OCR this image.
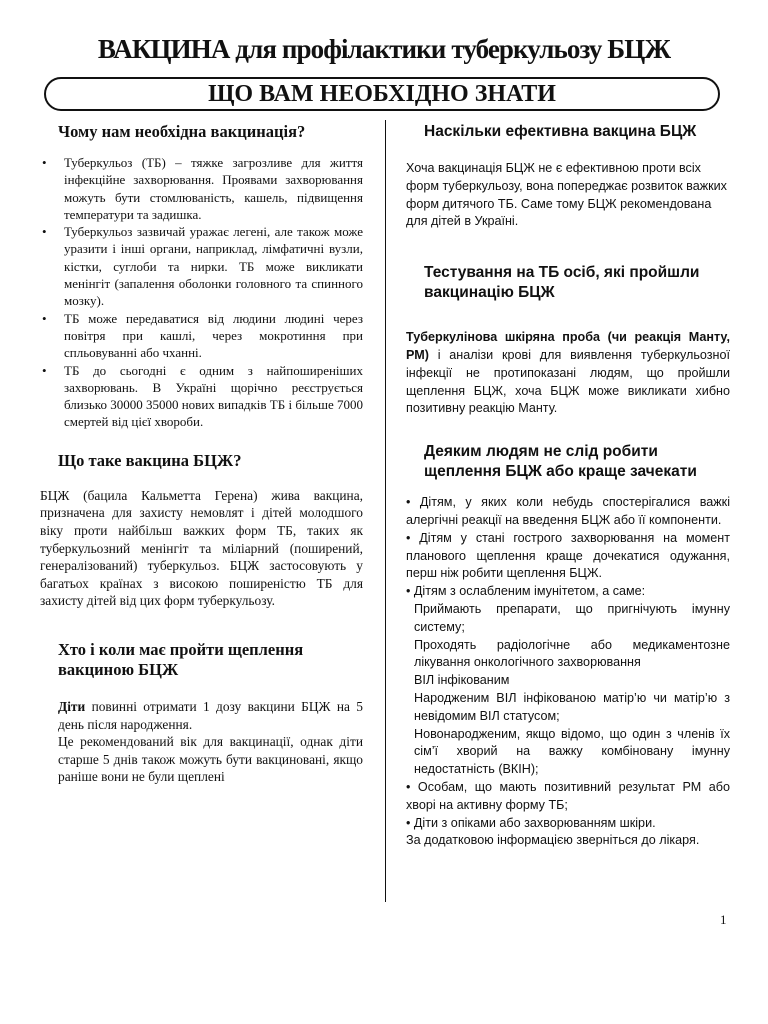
ВАКЦИНА для профілактики туберкульозу БЦЖ
ЩО ВАМ НЕОБХІДНО ЗНАТИ
Чому нам необхідна вакцинація?
• Туберкульоз (ТБ) – тяжке загрозливе для життя інфекційне захворювання. Проявами захворювання можуть бути стомлюваність, кашель, підвищення температури та задишка.
• Туберкульоз зазвичай уражає легені, але також може уразити і інші органи, наприклад, лімфатичні вузли, кістки, суглоби та нирки. ТБ може викликати менінгіт (запалення оболонки головного та спинного мозку).
• ТБ може передаватися від людини людині через повітря при кашлі, через мокротиння при спльовуванні або чханні.
• ТБ до сьогодні є одним з найпоширеніших захворювань. В Україні щорічно реєструється близько 30000 35000 нових випадків ТБ і більше 7000 смертей від цієї хвороби.
Що таке вакцина БЦЖ?

БЦЖ (бацила Кальметта Герена) жива вакцина, призначена для захисту немовлят і дітей молодшого віку проти найбільш важких форм ТБ, таких як туберкульозний менінгіт та міліарний (поширений, генералізований) туберкульоз. БЦЖ застосовують у багатьох країнах з високою поширеністю ТБ для захисту дітей від цих форм туберкульозу.

Хто і коли має пройти щеплення вакциною БЦЖ

Діти повинні отримати 1 дозу вакцини БЦЖ на 5 день після народження.

Це рекомендований вік для вакцинації, однак діти старше 5 днів також можуть бути вакциновані, якщо раніше вони не були щеплені

Наскільки ефективна вакцина БЦЖ

Хоча вакцинація БЦЖ не є ефективною проти всіх форм туберкульозу, вона попереджає розвиток важких форм дитячого ТБ. Саме тому БЦЖ рекомендована для дітей в Україні.

Тестування на ТБ осіб, які пройшли вакцинацію БЦЖ

Туберкулінова шкіряна проба (чи реакція Манту, РМ) і аналізи крові для виявлення туберкульозної інфекції не протипоказані людям, що пройшли щеплення БЦЖ, хоча БЦЖ може викликати хибно позитивну реакцію Манту.

Деяким людям не слід робити щеплення БЦЖ або краще зачекати

• Дітям, у яких коли небудь спостерігалися важкі алергічні реакції на введення БЦЖ або її компоненти.

• Дітям у стані гострого захворювання на момент планового щеплення краще дочекатися одужання, перш ніж робити щеплення БЦЖ.

• Дітям з ослабленим імунітетом, а саме:

Приймають препарати, що пригнічують імунну систему;

Проходять радіологічне або медикаментозне лікування онкологічного захворювання

ВІЛ інфікованим

Народженим ВІЛ інфікованою матір’ю чи матір’ю з невідомим ВІЛ статусом;

Новонародженим, якщо відомо, що один з членів їх сім’ї хворий на важку комбіновану імунну недостатність (ВКІН);

• Особам, що мають позитивний результат РМ або хворі на активну форму ТБ;

• Діти з опіками або захворюванням шкіри.

За додатковою інформацією зверніться до лікаря.

1
